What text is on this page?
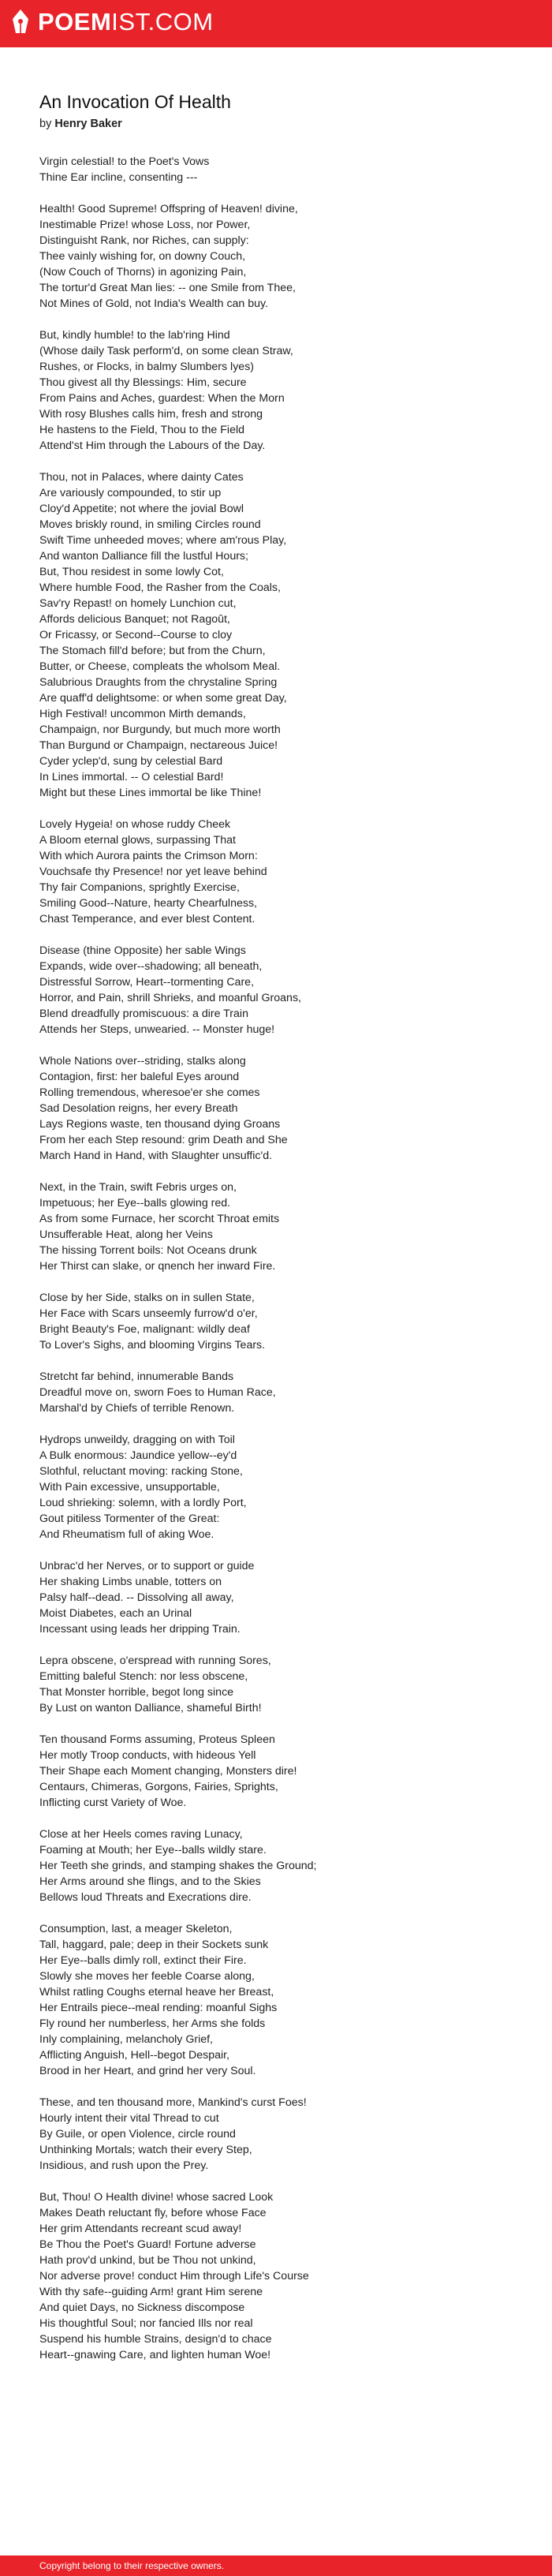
POEMIST.COM
An Invocation Of Health
by Henry Baker
Virgin celestial! to the Poet's Vows
Thine Ear incline, consenting ---
Health! Good Supreme! Offspring of Heaven! divine,
Inestimable Prize! whose Loss, nor Power,
Distinguisht Rank, nor Riches, can supply:
Thee vainly wishing for, on downy Couch,
(Now Couch of Thorns) in agonizing Pain,
The tortur'd Great Man lies: -- one Smile from Thee,
Not Mines of Gold, not India's Wealth can buy.
But, kindly humble! to the lab'ring Hind
(Whose daily Task perform'd, on some clean Straw,
Rushes, or Flocks, in balmy Slumbers lyes)
Thou givest all thy Blessings: Him, secure
From Pains and Aches, guardest: When the Morn
With rosy Blushes calls him, fresh and strong
He hastens to the Field, Thou to the Field
Attend'st Him through the Labours of the Day.
Thou, not in Palaces, where dainty Cates
Are variously compounded, to stir up
Cloy'd Appetite; not where the jovial Bowl
Moves briskly round, in smiling Circles round
Swift Time unheeded moves; where am'rous Play,
And wanton Dalliance fill the lustful Hours;
But, Thou residest in some lowly Cot,
Where humble Food, the Rasher from the Coals,
Sav'ry Repast! on homely Lunchion cut,
Affords delicious Banquet; not Ragoût,
Or Fricassy, or Second--Course to cloy
The Stomach fill'd before; but from the Churn,
Butter, or Cheese, compleats the wholsom Meal.
Salubrious Draughts from the chrystaline Spring
Are quaff'd delightsome: or when some great Day,
High Festival! uncommon Mirth demands,
Champaign, nor Burgundy, but much more worth
Than Burgund or Champaign, nectareous Juice!
Cyder yclep'd, sung by celestial Bard
In Lines immortal. -- O celestial Bard!
Might but these Lines immortal be like Thine!
Lovely Hygeia! on whose ruddy Cheek
A Bloom eternal glows, surpassing That
With which Aurora paints the Crimson Morn:
Vouchsafe thy Presence! nor yet leave behind
Thy fair Companions, sprightly Exercise,
Smiling Good--Nature, hearty Chearfulness,
Chast Temperance, and ever blest Content.
Disease (thine Opposite) her sable Wings
Expands, wide over--shadowing; all beneath,
Distressful Sorrow, Heart--tormenting Care,
Horror, and Pain, shrill Shrieks, and moanful Groans,
Blend dreadfully promiscuous: a dire Train
Attends her Steps, unwearied. -- Monster huge!
Whole Nations over--striding, stalks along
Contagion, first: her baleful Eyes around
Rolling tremendous, wheresoe'er she comes
Sad Desolation reigns, her every Breath
Lays Regions waste, ten thousand dying Groans
From her each Step resound: grim Death and She
March Hand in Hand, with Slaughter unsuffic'd.
Next, in the Train, swift Febris urges on,
Impetuous; her Eye--balls glowing red.
As from some Furnace, her scorcht Throat emits
Unsufferable Heat, along her Veins
The hissing Torrent boils: Not Oceans drunk
Her Thirst can slake, or qnench her inward Fire.
Close by her Side, stalks on in sullen State,
Her Face with Scars unseemly furrow'd o'er,
Bright Beauty's Foe, malignant: wildly deaf
To Lover's Sighs, and blooming Virgins Tears.
Stretcht far behind, innumerable Bands
Dreadful move on, sworn Foes to Human Race,
Marshal'd by Chiefs of terrible Renown.
Hydrops unweildy, dragging on with Toil
A Bulk enormous: Jaundice yellow--ey'd
Slothful, reluctant moving: racking Stone,
With Pain excessive, unsupportable,
Loud shrieking: solemn, with a lordly Port,
Gout pitiless Tormenter of the Great:
And Rheumatism full of aking Woe.
Unbrac'd her Nerves, or to support or guide
Her shaking Limbs unable, totters on
Palsy half--dead. -- Dissolving all away,
Moist Diabetes, each an Urinal
Incessant using leads her dripping Train.
Lepra obscene, o'erspread with running Sores,
Emitting baleful Stench: nor less obscene,
That Monster horrible, begot long since
By Lust on wanton Dalliance, shameful Birth!
Ten thousand Forms assuming, Proteus Spleen
Her motly Troop conducts, with hideous Yell
Their Shape each Moment changing, Monsters dire!
Centaurs, Chimeras, Gorgons, Fairies, Sprights,
Inflicting curst Variety of Woe.
Close at her Heels comes raving Lunacy,
Foaming at Mouth; her Eye--balls wildly stare.
Her Teeth she grinds, and stamping shakes the Ground;
Her Arms around she flings, and to the Skies
Bellows loud Threats and Execrations dire.
Consumption, last, a meager Skeleton,
Tall, haggard, pale; deep in their Sockets sunk
Her Eye--balls dimly roll, extinct their Fire.
Slowly she moves her feeble Coarse along,
Whilst ratling Coughs eternal heave her Breast,
Her Entrails piece--meal rending: moanful Sighs
Fly round her numberless, her Arms she folds
Inly complaining, melancholy Grief,
Afflicting Anguish, Hell--begot Despair,
Brood in her Heart, and grind her very Soul.
These, and ten thousand more, Mankind's curst Foes!
Hourly intent their vital Thread to cut
By Guile, or open Violence, circle round
Unthinking Mortals; watch their every Step,
Insidious, and rush upon the Prey.
But, Thou! O Health divine! whose sacred Look
Makes Death reluctant fly, before whose Face
Her grim Attendants recreant scud away!
Be Thou the Poet's Guard! Fortune adverse
Hath prov'd unkind, but be Thou not unkind,
Nor adverse prove! conduct Him through Life's Course
With thy safe--guiding Arm! grant Him serene
And quiet Days, no Sickness discompose
His thoughtful Soul; nor fancied Ills nor real
Suspend his humble Strains, design'd to chace
Heart--gnawing Care, and lighten human Woe!
Copyright belong to their respective owners.
